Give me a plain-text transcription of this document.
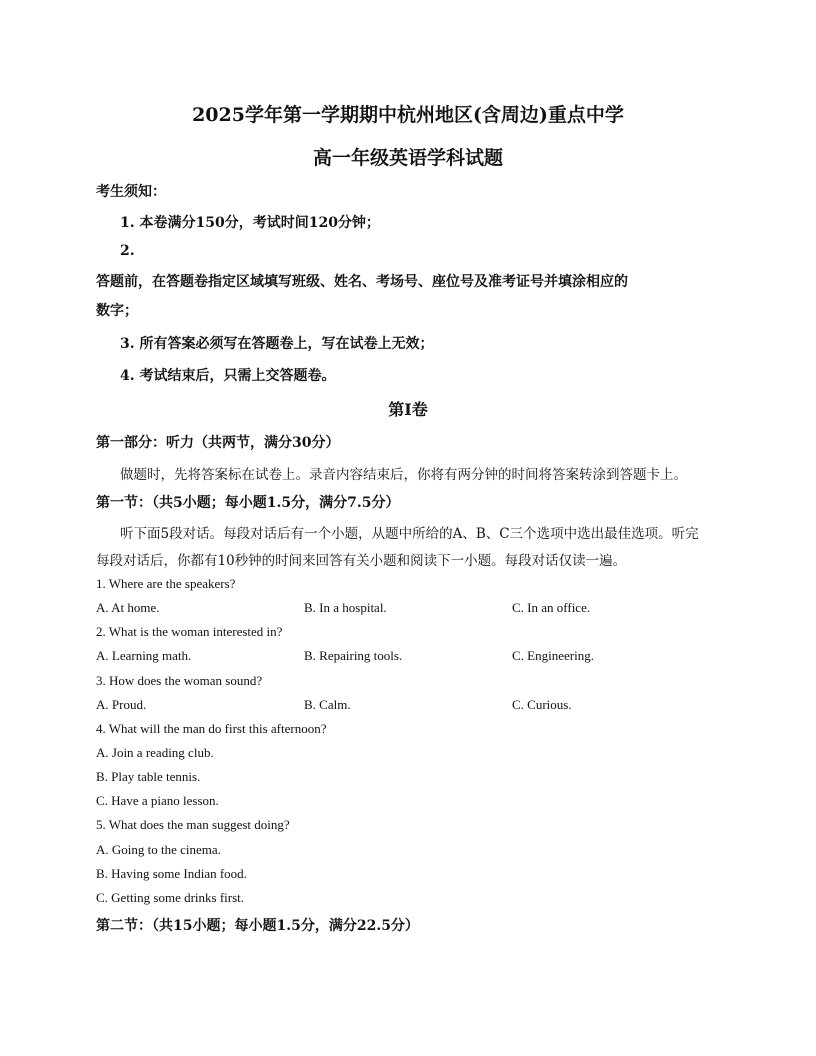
2025学年第一学期期中杭州地区(含周边)重点中学
高一年级英语学科试题
考生须知：
1. 本卷满分150分，考试时间120分钟；
2.
答题前，在答题卷指定区域填写班级、姓名、考场号、座位号及准考证号并填涂相应的
数字；
3. 所有答案必须写在答题卷上，写在试卷上无效；
4. 考试结束后，只需上交答题卷。
第Ⅰ卷
第一部分：听力（共两节，满分30分）
做题时，先将答案标在试卷上。录音内容结束后，你将有两分钟的时间将答案转涂到答题卡上。
第一节：（共5小题；每小题1.5分，满分7.5分）
听下面5段对话。每段对话后有一个小题，从题中所给的A、B、C三个选项中选出最佳选项。听完
每段对话后，你都有10秒钟的时间来回答有关小题和阅读下一小题。每段对话仅读一遍。
1. Where are the speakers?
A. At home.	B. In a hospital.	C. In an office.
2. What is the woman interested in?
A. Learning math.	B. Repairing tools.	C. Engineering.
3. How does the woman sound?
A. Proud.	B. Calm.	C. Curious.
4. What will the man do first this afternoon?
A. Join a reading club.
B. Play table tennis.
C. Have a piano lesson.
5. What does the man suggest doing?
A. Going to the cinema.
B. Having some Indian food.
C. Getting some drinks first.
第二节：（共15小题；每小题1.5分，满分22.5分）
